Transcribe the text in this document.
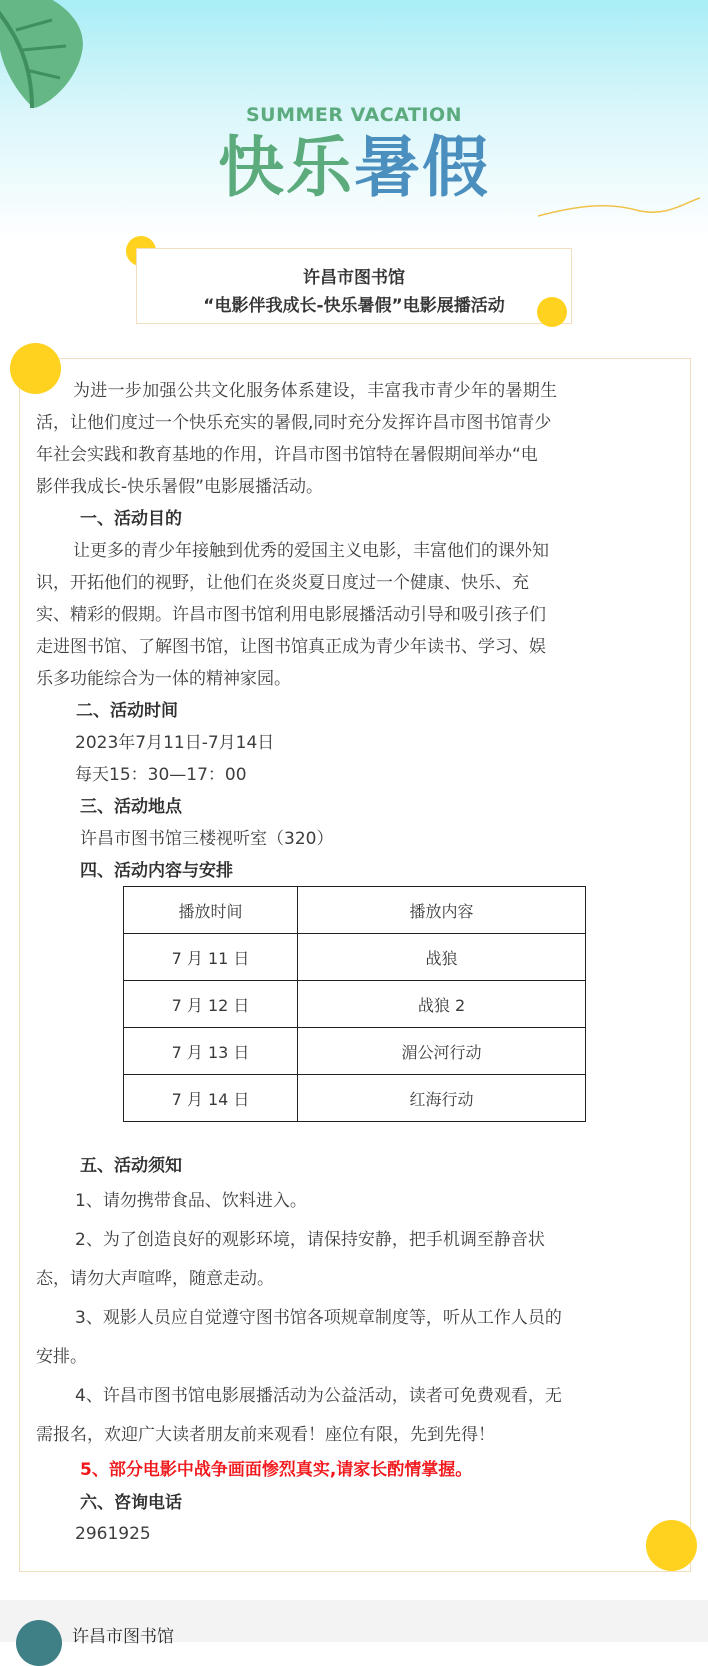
SUMMER VACATION
快乐暑假
许昌市图书馆
“电影伴我成长-快乐暑假”电影展播活动
为进一步加强公共文化服务体系建设，丰富我市青少年的暑期生
活，让他们度过一个快乐充实的暑假,同时充分发挥许昌市图书馆青少
年社会实践和教育基地的作用，许昌市图书馆特在暑假期间举办“电
影伴我成长-快乐暑假”电影展播活动。
一、活动目的
让更多的青少年接触到优秀的爱国主义电影，丰富他们的课外知
识，开拓他们的视野，让他们在炎炎夏日度过一个健康、快乐、充
实、精彩的假期。许昌市图书馆利用电影展播活动引导和吸引孩子们
走进图书馆、了解图书馆，让图书馆真正成为青少年读书、学习、娱
乐多功能综合为一体的精神家园。
二、活动时间
2023年7月11日-7月14日
每天15：30—17：00
三、活动地点
许昌市图书馆三楼视听室（320）
四、活动内容与安排
播放时间	播放内容
7 月 11 日	战狼
7 月 12 日	战狼 2
7 月 13 日	湄公河行动
7 月 14 日	红海行动
五、活动须知
1、请勿携带食品、饮料进入。
2、为了创造良好的观影环境，请保持安静，把手机调至静音状
态，请勿大声喧哗，随意走动。
3、观影人员应自觉遵守图书馆各项规章制度等，听从工作人员的
安排。
4、许昌市图书馆电影展播活动为公益活动，读者可免费观看，无
需报名，欢迎广大读者朋友前来观看！座位有限，先到先得！
5、部分电影中战争画面惨烈真实,请家长酌情掌握。
六、咨询电话
2961925
许昌市图书馆
